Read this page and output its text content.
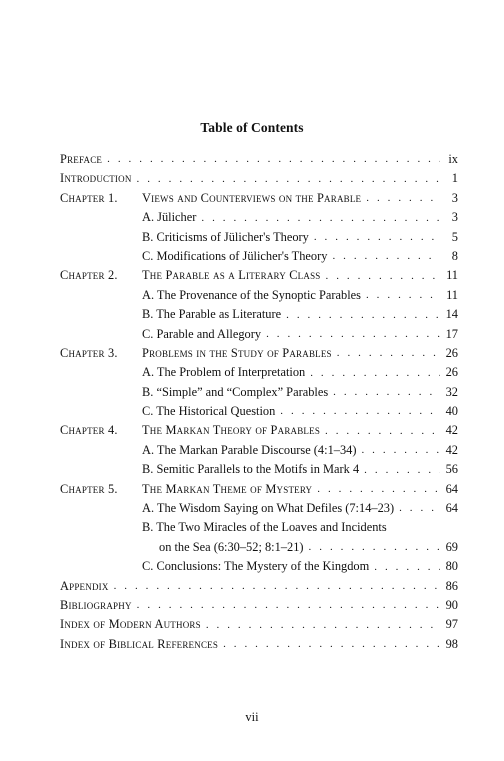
Table of Contents
Preface . . .	ix
Introduction . . .	1
Chapter 1.	Views and Counterviews on the Parable . . .	3
A. Jülicher . . .	3
B. Criticisms of Jülicher's Theory . . .	5
C. Modifications of Jülicher's Theory . . .	8
Chapter 2.	The Parable as a Literary Class . . .	11
A. The Provenance of the Synoptic Parables . . .	11
B. The Parable as Literature . . .	14
C. Parable and Allegory . . .	17
Chapter 3.	Problems in the Study of Parables . . .	26
A. The Problem of Interpretation . . .	26
B. “Simple” and “Complex” Parables . . .	32
C. The Historical Question . . .	40
Chapter 4.	The Markan Theory of Parables . . .	42
A. The Markan Parable Discourse (4:1–34) . . .	42
B. Semitic Parallels to the Motifs in Mark 4 . . .	56
Chapter 5.	The Markan Theme of Mystery . . .	64
A. The Wisdom Saying on What Defiles (7:14–23) . . .	64
B. The Two Miracles of the Loaves and Incidents
on the Sea (6:30–52; 8:1–21) . . .	69
C. Conclusions: The Mystery of the Kingdom . . .	80
Appendix . . .	86
Bibliography . . .	90
Index of Modern Authors . . .	97
Index of Biblical References . . .	98
vii
